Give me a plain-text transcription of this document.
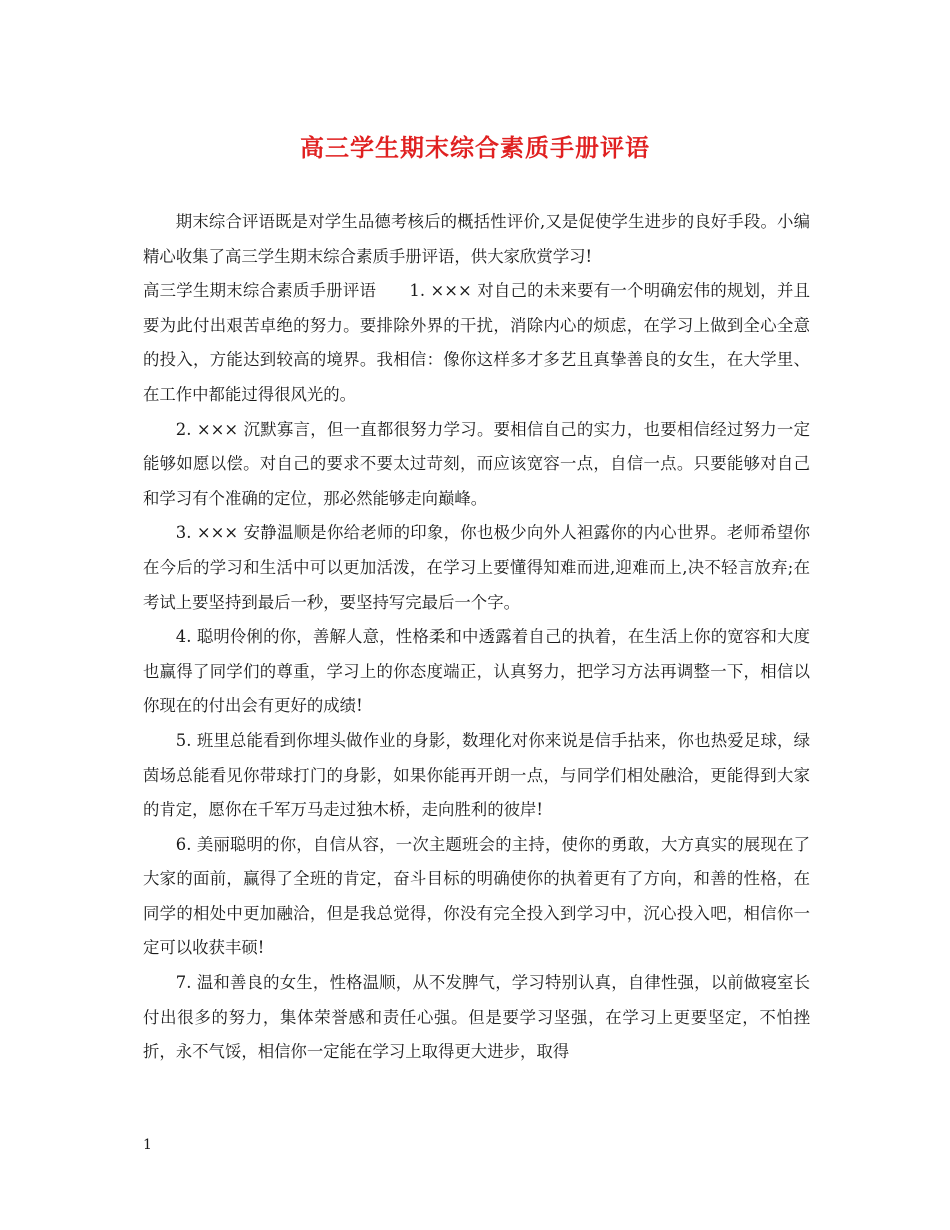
高三学生期末综合素质手册评语

期末综合评语既是对学生品德考核后的概括性评价,又是促使学生进步的良好手段。小编精心收集了高三学生期末综合素质手册评语，供大家欣赏学习!

高三学生期末综合素质手册评语　　1. ××× 对自己的未来要有一个明确宏伟的规划，并且要为此付出艰苦卓绝的努力。要排除外界的干扰，消除内心的烦虑，在学习上做到全心全意的投入，方能达到较高的境界。我相信：像你这样多才多艺且真挚善良的女生，在大学里、在工作中都能过得很风光的。

2. ××× 沉默寡言，但一直都很努力学习。要相信自己的实力，也要相信经过努力一定能够如愿以偿。对自己的要求不要太过苛刻，而应该宽容一点，自信一点。只要能够对自己和学习有个准确的定位，那必然能够走向巅峰。

3. ××× 安静温顺是你给老师的印象，你也极少向外人袒露你的内心世界。老师希望你在今后的学习和生活中可以更加活泼，在学习上要懂得知难而进,迎难而上,决不轻言放弃;在考试上要坚持到最后一秒，要坚持写完最后一个字。

4. 聪明伶俐的你，善解人意，性格柔和中透露着自己的执着，在生活上你的宽容和大度也赢得了同学们的尊重，学习上的你态度端正，认真努力，把学习方法再调整一下，相信以你现在的付出会有更好的成绩!

5. 班里总能看到你埋头做作业的身影，数理化对你来说是信手拈来，你也热爱足球，绿茵场总能看见你带球打门的身影，如果你能再开朗一点，与同学们相处融洽，更能得到大家的肯定，愿你在千军万马走过独木桥，走向胜利的彼岸!

6. 美丽聪明的你，自信从容，一次主题班会的主持，使你的勇敢，大方真实的展现在了大家的面前，赢得了全班的肯定，奋斗目标的明确使你的执着更有了方向，和善的性格，在同学的相处中更加融洽，但是我总觉得，你没有完全投入到学习中，沉心投入吧，相信你一定可以收获丰硕!

7. 温和善良的女生，性格温顺，从不发脾气，学习特别认真，自律性强，以前做寝室长付出很多的努力，集体荣誉感和责任心强。但是要学习坚强，在学习上更要坚定，不怕挫折，永不气馁，相信你一定能在学习上取得更大进步，取得

1
